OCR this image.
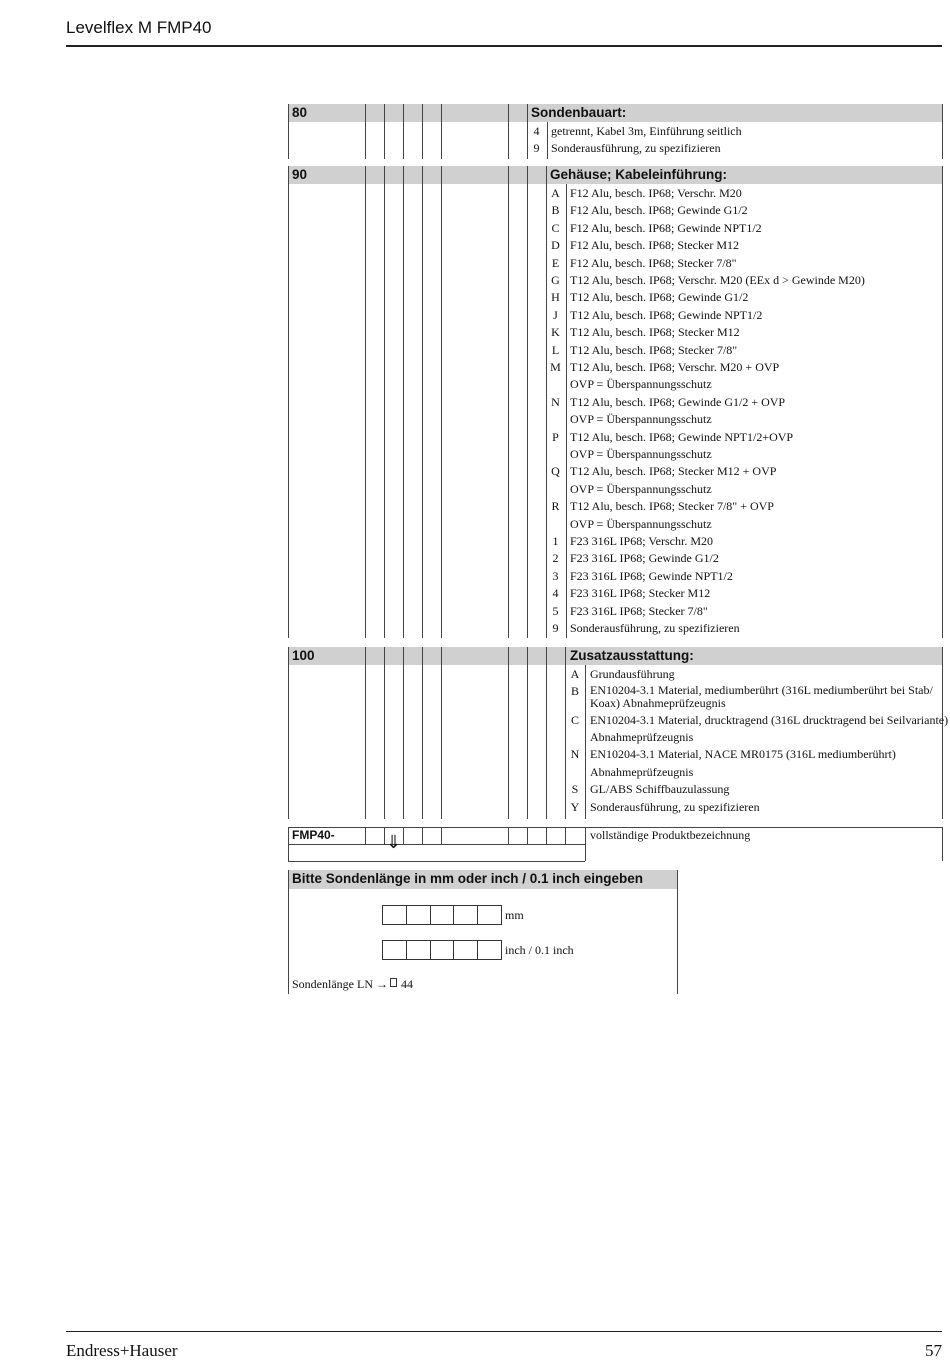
Levelflex M FMP40
80	Sondenbauart:
4 getrennt, Kabel 3m, Einführung seitlich
9 Sonderausführung, zu spezifizieren
90	Gehäuse; Kabeleinführung:
A F12 Alu, besch. IP68; Verschr. M20
B F12 Alu, besch. IP68; Gewinde G1/2
C F12 Alu, besch. IP68; Gewinde NPT1/2
D F12 Alu, besch. IP68; Stecker M12
E F12 Alu, besch. IP68; Stecker 7/8"
G T12 Alu, besch. IP68; Verschr. M20 (EEx d > Gewinde M20)
H T12 Alu, besch. IP68; Gewinde G1/2
J	T12 Alu, besch. IP68; Gewinde NPT1/2
K T12 Alu, besch. IP68; Stecker M12
L T12 Alu, besch. IP68; Stecker 7/8"
M T12 Alu, besch. IP68; Verschr. M20 + OVP
OVP = Überspannungsschutz
N T12 Alu, besch. IP68; Gewinde G1/2 + OVP
OVP = Überspannungsschutz
P T12 Alu, besch. IP68; Gewinde NPT1/2+OVP
OVP = Überspannungsschutz
Q T12 Alu, besch. IP68; Stecker M12 + OVP
OVP = Überspannungsschutz
R T12 Alu, besch. IP68; Stecker 7/8" + OVP
OVP = Überspannungsschutz
1 F23 316L IP68; Verschr. M20
2 F23 316L IP68; Gewinde G1/2
3 F23 316L IP68; Gewinde NPT1/2
4 F23 316L IP68; Stecker M12
5 F23 316L IP68; Stecker 7/8"
9 Sonderausführung, zu spezifizieren
100	Zusatzausstattung:
A Grundausführung
B EN10204-3.1 Material, mediumberührt (316L mediumberührt bei Stab/ Koax) Abnahmeprüfzeugnis
C EN10204-3.1 Material, drucktragend (316L drucktragend bei Seilvariante)
Abnahmeprüfzeugnis
N EN10204-3.1 Material, NACE MR0175 (316L mediumberührt)
Abnahmeprüfzeugnis
S GL/ABS Schiffbauzulassung
Y Sonderausführung, zu spezifizieren
FMP40-	⇓	vollständige Produktbezeichnung
Bitte Sondenlänge in mm oder inch / 0.1 inch eingeben
mm
inch / 0.1 inch
Sondenlänge LN → 44
Endress+Hauser	57
